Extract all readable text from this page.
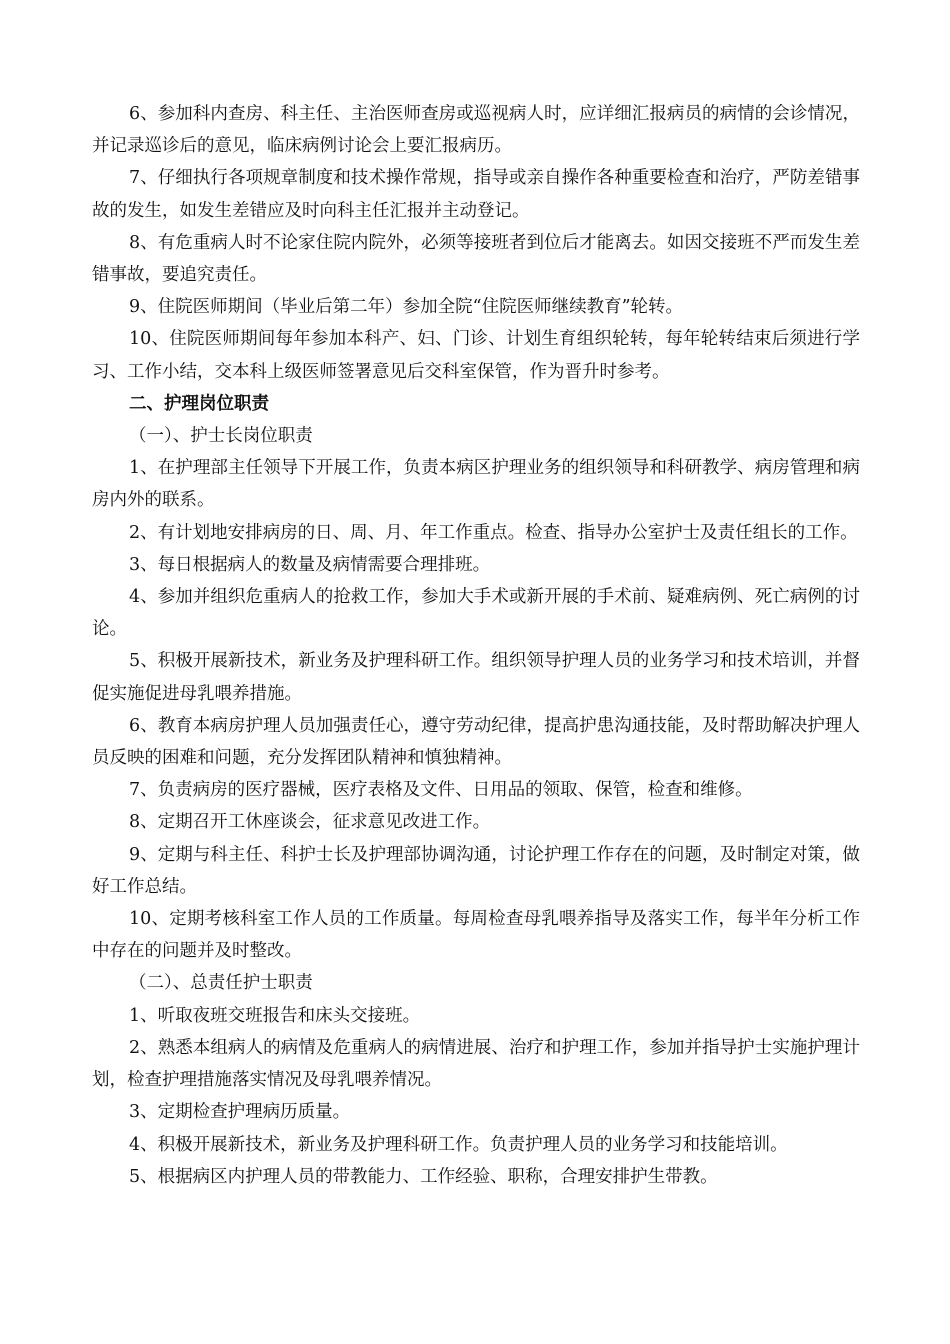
6、参加科内查房、科主任、主治医师查房或巡视病人时，应详细汇报病员的病情的会诊情况，并记录巡诊后的意见，临床病例讨论会上要汇报病历。

7、仔细执行各项规章制度和技术操作常规，指导或亲自操作各种重要检查和治疗，严防差错事故的发生，如发生差错应及时向科主任汇报并主动登记。

8、有危重病人时不论家住院内院外，必须等接班者到位后才能离去。如因交接班不严而发生差错事故，要追究责任。

9、住院医师期间（毕业后第二年）参加全院“住院医师继续教育”轮转。

10、住院医师期间每年参加本科产、妇、门诊、计划生育组织轮转，每年轮转结束后须进行学习、工作小结，交本科上级医师签署意见后交科室保管，作为晋升时参考。

二、护理岗位职责

（一）、护士长岗位职责

1、在护理部主任领导下开展工作，负责本病区护理业务的组织领导和科研教学、病房管理和病房内外的联系。

2、有计划地安排病房的日、周、月、年工作重点。检查、指导办公室护士及责任组长的工作。

3、每日根据病人的数量及病情需要合理排班。

4、参加并组织危重病人的抢救工作，参加大手术或新开展的手术前、疑难病例、死亡病例的讨论。

5、积极开展新技术，新业务及护理科研工作。组织领导护理人员的业务学习和技术培训，并督促实施促进母乳喂养措施。

6、教育本病房护理人员加强责任心，遵守劳动纪律，提高护患沟通技能，及时帮助解决护理人员反映的困难和问题，充分发挥团队精神和慎独精神。

7、负责病房的医疗器械，医疗表格及文件、日用品的领取、保管，检查和维修。

8、定期召开工休座谈会，征求意见改进工作。

9、定期与科主任、科护士长及护理部协调沟通，讨论护理工作存在的问题，及时制定对策，做好工作总结。

10、定期考核科室工作人员的工作质量。每周检查母乳喂养指导及落实工作，每半年分析工作中存在的问题并及时整改。

（二）、总责任护士职责

1、听取夜班交班报告和床头交接班。

2、熟悉本组病人的病情及危重病人的病情进展、治疗和护理工作，参加并指导护士实施护理计划，检查护理措施落实情况及母乳喂养情况。

3、定期检查护理病历质量。

4、积极开展新技术，新业务及护理科研工作。负责护理人员的业务学习和技能培训。

5、根据病区内护理人员的带教能力、工作经验、职称，合理安排护生带教。
